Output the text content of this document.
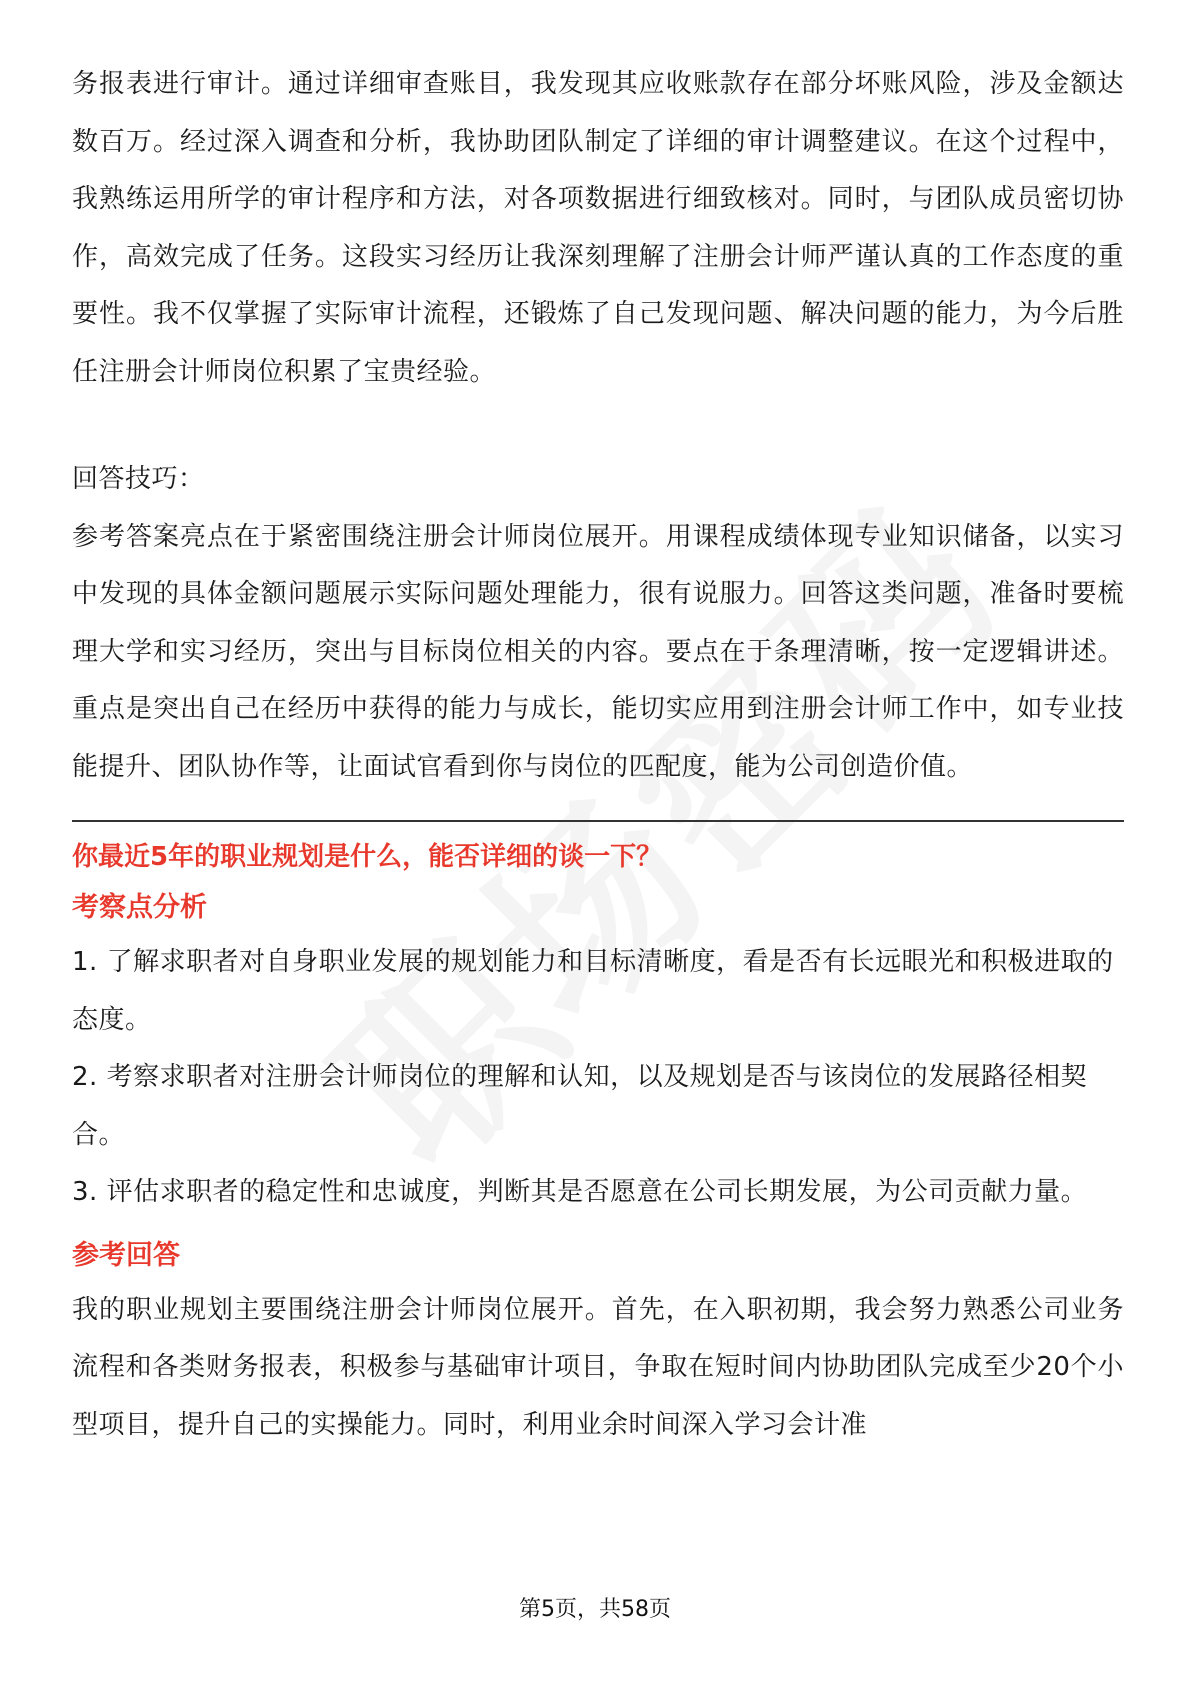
务报表进行审计。通过详细审查账目，我发现其应收账款存在部分坏账风险，涉及金额达数百万。经过深入调查和分析，我协助团队制定了详细的审计调整建议。在这个过程中，我熟练运用所学的审计程序和方法，对各项数据进行细致核对。同时，与团队成员密切协作，高效完成了任务。这段实习经历让我深刻理解了注册会计师严谨认真的工作态度的重要性。我不仅掌握了实际审计流程，还锻炼了自己发现问题、解决问题的能力，为今后胜任注册会计师岗位积累了宝贵经验。

回答技巧：

参考答案亮点在于紧密围绕注册会计师岗位展开。用课程成绩体现专业知识储备，以实习中发现的具体金额问题展示实际问题处理能力，很有说服力。回答这类问题，准备时要梳理大学和实习经历，突出与目标岗位相关的内容。要点在于条理清晰，按一定逻辑讲述。重点是突出自己在经历中获得的能力与成长，能切实应用到注册会计师工作中，如专业技能提升、团队协作等，让面试官看到你与岗位的匹配度，能为公司创造价值。

你最近5年的职业规划是什么，能否详细的谈一下？

考察点分析

1. 了解求职者对自身职业发展的规划能力和目标清晰度，看是否有长远眼光和积极进取的态度。

2. 考察求职者对注册会计师岗位的理解和认知，以及规划是否与该岗位的发展路径相契合。

3. 评估求职者的稳定性和忠诚度，判断其是否愿意在公司长期发展，为公司贡献力量。

参考回答

我的职业规划主要围绕注册会计师岗位展开。首先，在入职初期，我会努力熟悉公司业务流程和各类财务报表，积极参与基础审计项目，争取在短时间内协助团队完成至少20个小型项目，提升自己的实操能力。同时，利用业余时间深入学习会计准

第5页，共58页
